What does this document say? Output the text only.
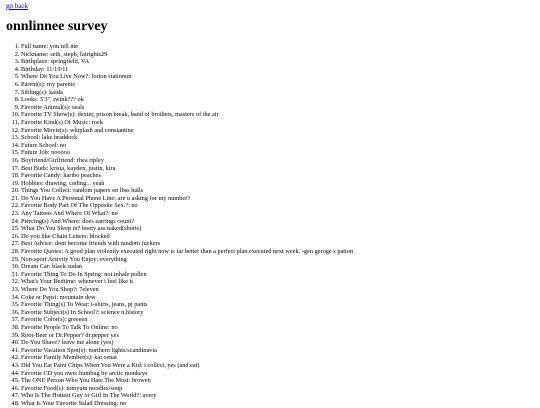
go back
onnlinnee survey
1. Full name: you tell me
2. Nickname: seth, steph, fatrights29
3. Birthplace: springfield, VA
4. Birthday: 11/19/11
5. Where Do You Live Now?: lorton stationun
6. Parent(s): my parents
7. Sibling(s): kaida
8. Looks: 5'3", twink??? ok
9. Favorite Animal(s): seals
10. Favorite TV Show(s): dexter, prison break, band of brothers, masters of the air
11. Favorite Kind(s) Of Music: rock
12. Favorite Movie(s): whiplash and constantine
13. School: lake braddock
14. Future School: no
15. Future Job: nooooo
16. Boyfriend/Girlfriend: rhea ripley
17. Best Buds: krista, kayden, justin, kira
18. Favorite Candy: haribo peaches
19. Hobbies: drawing, coding... yeah
20. Things You Collect: random papers on lbss halls
21. Do You Have A Personal Phone Line: are u asking for my number?
22. Favorite Body Part Of The Opposite Sex.?: no
23. Any Tattoos And Where Of What?: no
24. Piercing(s) And Where: does earrings count?
25. What Do You Sleep in? booty ass naked(shorts)
26. Do you like Chain Letters: blocked
27. Best Advice: dont become friends with random fuckers
28. Favorite Quotes: A good plan violently executed right now is far better than a perfect plan executed next week. -gen geroge s patton
29. Non-sport Activity You Enjoy: everything
30. Dream Car: black sudan
31. Favorite Thing To Do In Spring: not inhale pollen
32. What's Your Bedtime: whenever i feel like it
33. Where Do You Shop?: 7eleven
34. Coke or Pepsi: mountain dew
35. Favorite Thing(s) To Wear: t-shirts, jeans, pj pants
36. Favorite Subject(s) In School?: science n history
37. Favorite Color(s): greeeen
38. Favorite People To Talk To Online: no
39. Root-Beer or Dr.Pepper? dr.pepper yes
40. Do You Shave? leave me alone (yes)
41. Favorite Vacation Spot(s): northern lights/scandinavia
42. Favorite Family Member(s): kai cenat
43. Did You Eat Paint Chips When You Were a Kid: i collect, yes (and eat)
44. Favorite CD you own: humbug by arctic monkeys
45. The ONE Person Who You Hate The Most: browen
46. Favorite Food(s): tomyum noodles/soup
47. Who Is The Hottest Guy or Girl In The World?: avery
48. What Is Your Favorite Salad Dressing: no
